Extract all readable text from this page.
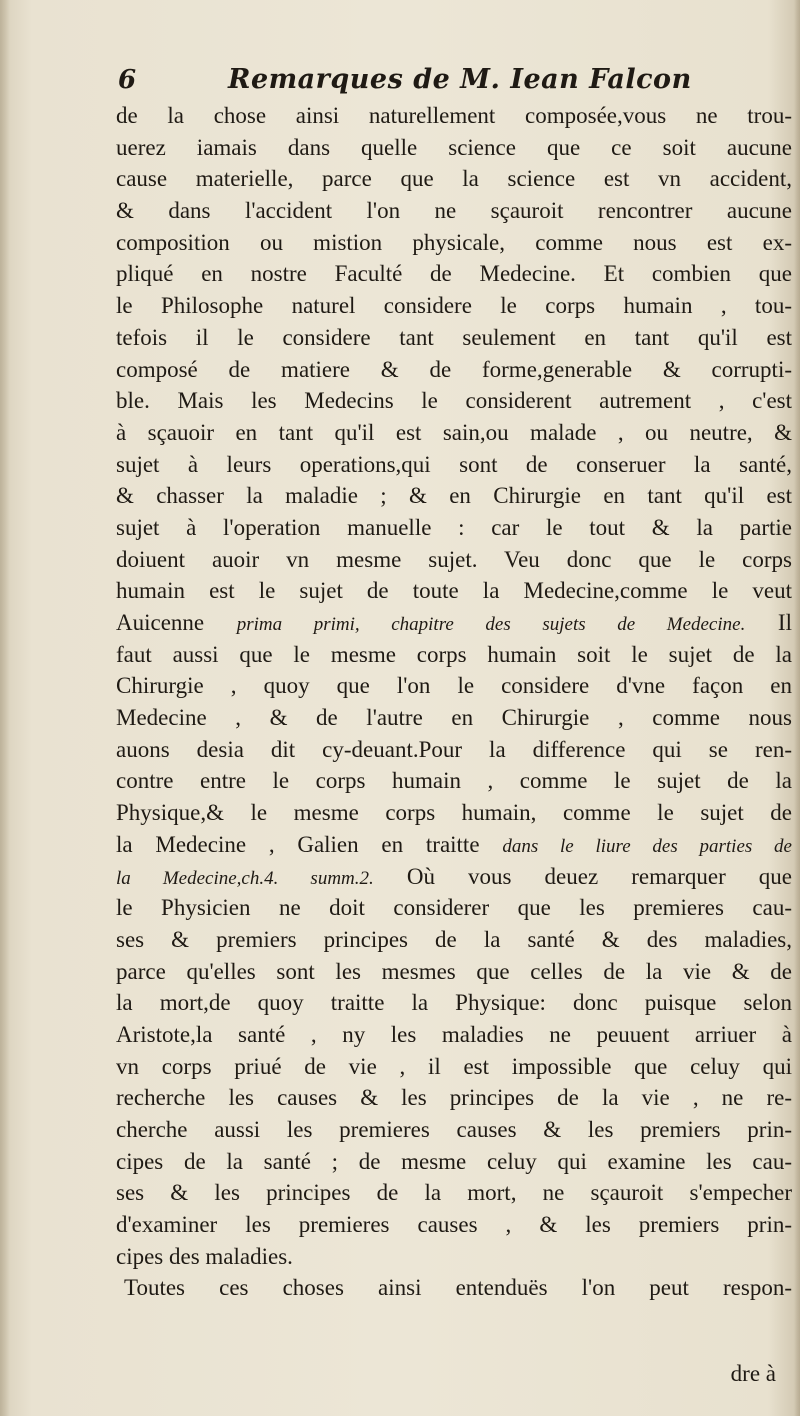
6	Remarques de M. Iean Falcon
de la chose ainsi naturellement composée,vous ne trou-
uerez iamais dans quelle science que ce soit aucune
cause materielle, parce que la science est vn accident,
& dans l'accident l'on ne sçauroit rencontrer aucune
composition ou mistion physicale, comme nous est ex-
pliqué en nostre Faculté de Medecine. Et combien que
le Philosophe naturel considere le corps humain , tou-
tefois il le considere tant seulement en tant qu'il est
composé de matiere & de forme,generable & corrupti-
ble. Mais les Medecins le considerent autrement , c'est
à sçauoir en tant qu'il est sain,ou malade , ou neutre, &
sujet à leurs operations,qui sont de conseruer la santé,
& chasser la maladie ; & en Chirurgie en tant qu'il est
sujet à l'operation manuelle : car le tout & la partie
doiuent auoir vn mesme sujet. Veu donc que le corps
humain est le sujet de toute la Medecine,comme le veut
Auicenne prima primi, chapitre des sujets de Medecine. Il
faut aussi que le mesme corps humain soit le sujet de la
Chirurgie , quoy que l'on le considere d'vne façon en
Medecine , & de l'autre en Chirurgie , comme nous
auons desia dit cy-deuant.Pour la difference qui se ren-
contre entre le corps humain , comme le sujet de la
Physique,& le mesme corps humain, comme le sujet de
la Medecine , Galien en traitte dans le liure des parties de
la Medecine,ch.4. summ.2. Où vous deuez remarquer que
le Physicien ne doit considerer que les premieres cau-
ses & premiers principes de la santé & des maladies,
parce qu'elles sont les mesmes que celles de la vie & de
la mort,de quoy traitte la Physique: donc puisque selon
Aristote,la santé , ny les maladies ne peuuent arriuer à
vn corps priué de vie , il est impossible que celuy qui
recherche les causes & les principes de la vie , ne re-
cherche aussi les premieres causes & les premiers prin-
cipes de la santé ; de mesme celuy qui examine les cau-
ses & les principes de la mort, ne sçauroit s'empecher
d'examiner les premieres causes , & les premiers prin-
cipes des maladies.
Toutes ces choses ainsi entenduës l'on peut respon-
dre à
